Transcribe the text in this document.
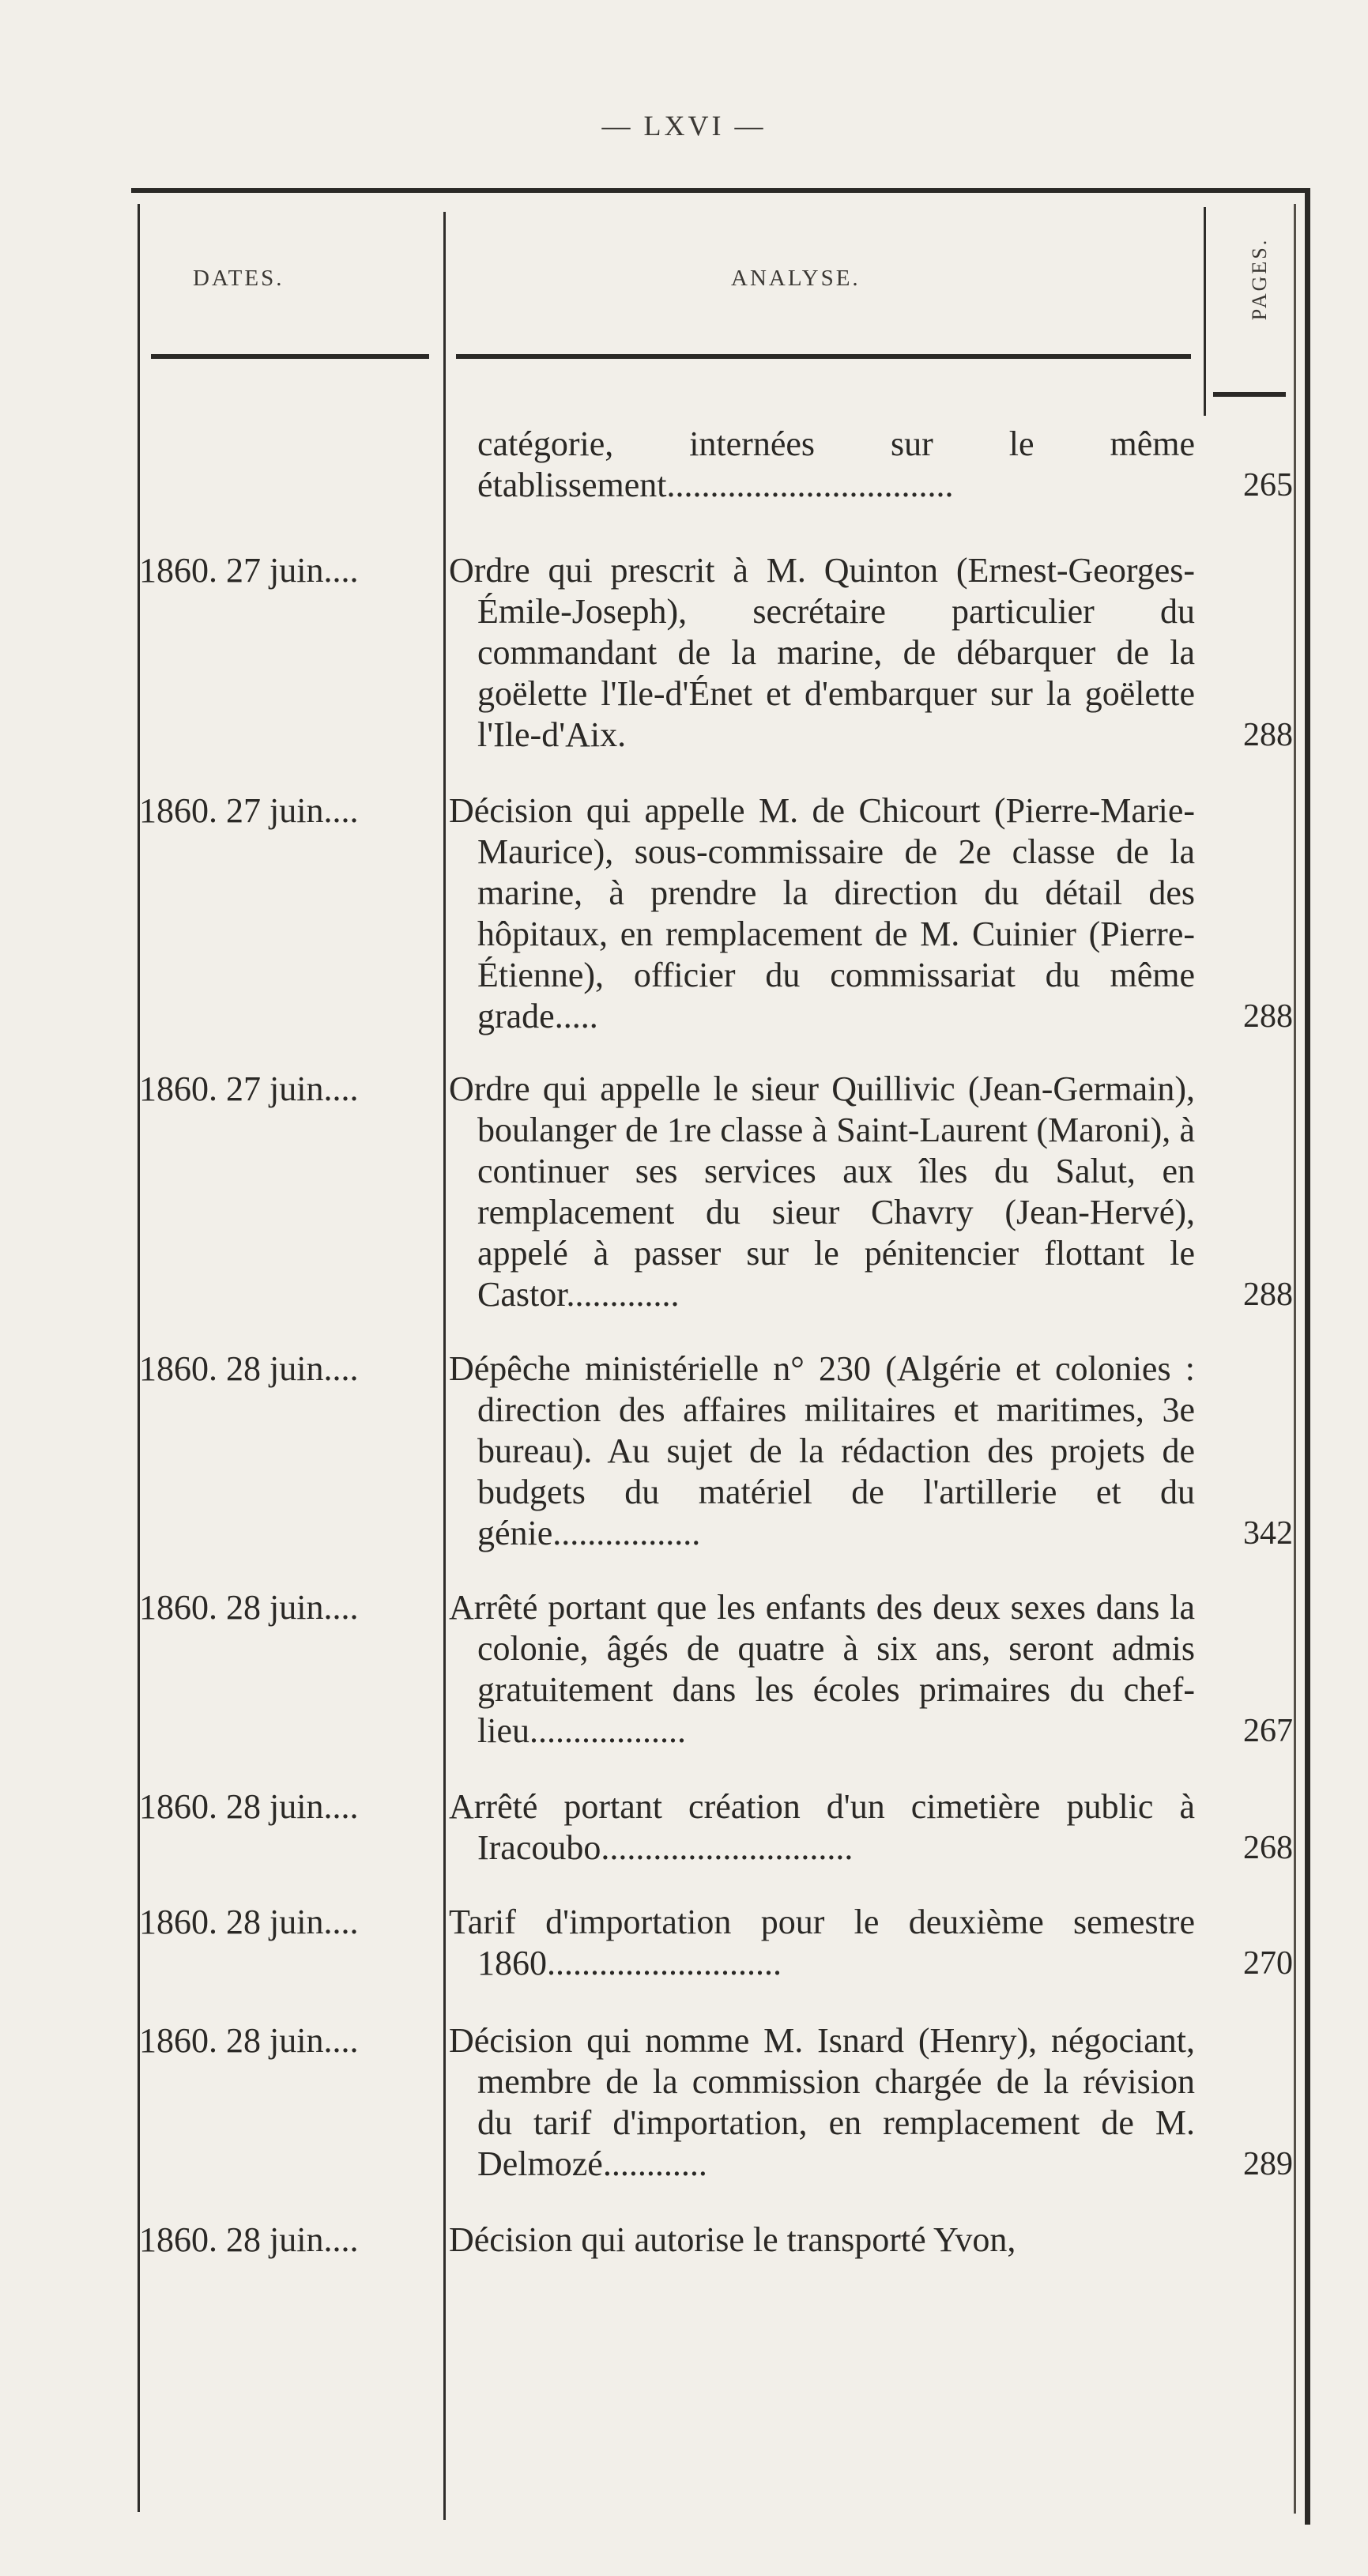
— LXVI —
DATES.	ANALYSE.	PAGES.

catégorie, internées sur le même établissement.................................	265
1860. 27 juin....	Ordre qui prescrit à M. Quinton (Ernest-Georges-Émile-Joseph), secrétaire particulier du commandant de la marine, de débarquer de la goëlette l'Ile-d'Énet et d'embarquer sur la goëlette l'Ile-d'Aix.	288
1860. 27 juin....	Décision qui appelle M. de Chicourt (Pierre-Marie-Maurice), sous-commissaire de 2e classe de la marine, à prendre la direction du détail des hôpitaux, en remplacement de M. Cuinier (Pierre-Étienne), officier du commissariat du même grade.....	288
1860. 27 juin....	Ordre qui appelle le sieur Quillivic (Jean-Germain), boulanger de 1re classe à Saint-Laurent (Maroni), à continuer ses services aux îles du Salut, en remplacement du sieur Chavry (Jean-Hervé), appelé à passer sur le pénitencier flottant le Castor.............	288
1860. 28 juin....	Dépêche ministérielle n° 230 (Algérie et colonies : direction des affaires militaires et maritimes, 3e bureau). Au sujet de la rédaction des projets de budgets du matériel de l'artillerie et du génie.................	342
1860. 28 juin....	Arrêté portant que les enfants des deux sexes dans la colonie, âgés de quatre à six ans, seront admis gratuitement dans les écoles primaires du chef-lieu..................	267
1860. 28 juin....	Arrêté portant création d'un cimetière public à Iracoubo.............................	268
1860. 28 juin....	Tarif d'importation pour le deuxième semestre 1860...........................	270
1860. 28 juin....	Décision qui nomme M. Isnard (Henry), négociant, membre de la commission chargée de la révision du tarif d'importation, en remplacement de M. Delmozé............	289
1860. 28 juin....	Décision qui autorise le transporté Yvon,
